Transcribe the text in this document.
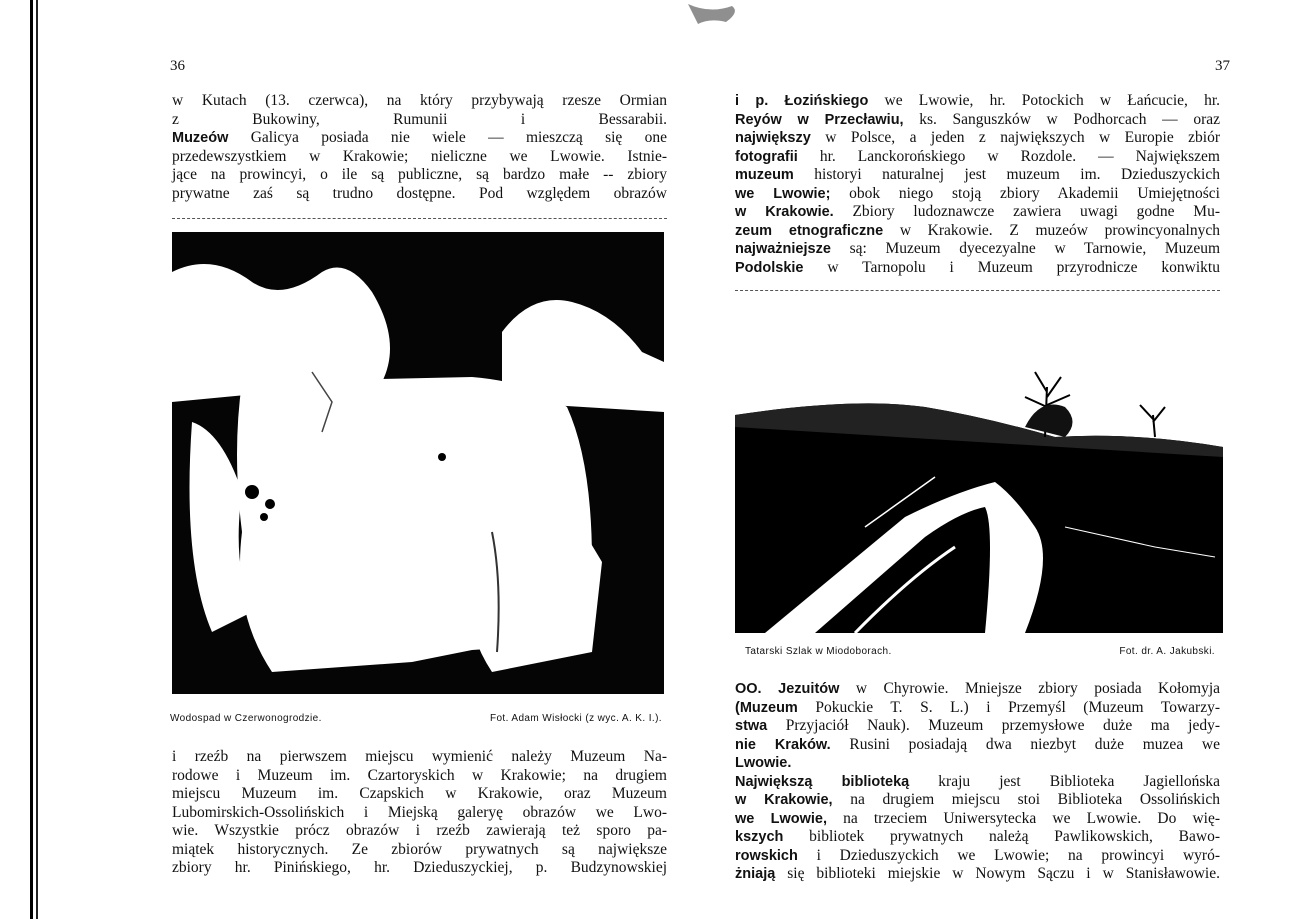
36
w Kutach (13. czerwca), na który przybywają rzesze Ormian
z Bukowiny, Rumunii i Bessarabii.
Muzeów Galicya posiada nie wiele — mieszczą się one
przedewszystkiem w Krakowie; nieliczne we Lwowie. Istnie-
jące na prowincyi, o ile są publiczne, są bardzo małe -- zbiory
prywatne zaś są trudno dostępne. Pod względem obrazów
Wodospad w Czerwonogrodzie.	Fot. Adam Wisłocki (z wyc. A. K. I.).
i rzeźb na pierwszem miejscu wymienić należy Muzeum Na-
rodowe i Muzeum im. Czartoryskich w Krakowie; na drugiem
miejscu Muzeum im. Czapskich w Krakowie, oraz Muzeum
Lubomirskich-Ossolińskich i Miejską galeryę obrazów we Lwo-
wie. Wszystkie prócz obrazów i rzeźb zawierają też sporo pa-
miątek historycznych. Ze zbiorów prywatnych są największe
zbiory hr. Pinińskiego, hr. Dzieduszyckiej, p. Budzynowskiej
37
i p. Łozińskiego we Lwowie, hr. Potockich w Łańcucie, hr.
Reyów w Przecławiu, ks. Sanguszków w Podhorcach — oraz
największy w Polsce, a jeden z największych w Europie zbiór
fotografii hr. Lanckorońskiego w Rozdole. — Największem
muzeum historyi naturalnej jest muzeum im. Dzieduszyckich
we Lwowie; obok niego stoją zbiory Akademii Umiejętności
w Krakowie. Zbiory ludoznawcze zawiera uwagi godne Mu-
zeum etnograficzne w Krakowie. Z muzeów prowincyonalnych
najważniejsze są: Muzeum dyecezyalne w Tarnowie, Muzeum
Podolskie w Tarnopolu i Muzeum przyrodnicze konwiktu
Tatarski Szlak w Miodoborach.	Fot. dr. A. Jakubski.
OO. Jezuitów w Chyrowie. Mniejsze zbiory posiada Kołomyja
(Muzeum Pokuckie T. S. L.) i Przemyśl (Muzeum Towarzy-
stwa Przyjaciół Nauk). Muzeum przemysłowe duże ma jedy-
nie Kraków. Rusini posiadają dwa niezbyt duże muzea we
Lwowie.
Największą biblioteką kraju jest Biblioteka Jagiellońska
w Krakowie, na drugiem miejscu stoi Biblioteka Ossolińskich
we Lwowie, na trzeciem Uniwersytecka we Lwowie. Do wię-
kszych bibliotek prywatnych należą Pawlikowskich, Bawo-
rowskich i Dzieduszyckich we Lwowie; na prowincyi wyró-
żniają się biblioteki miejskie w Nowym Sączu i w Stanisławowie.
